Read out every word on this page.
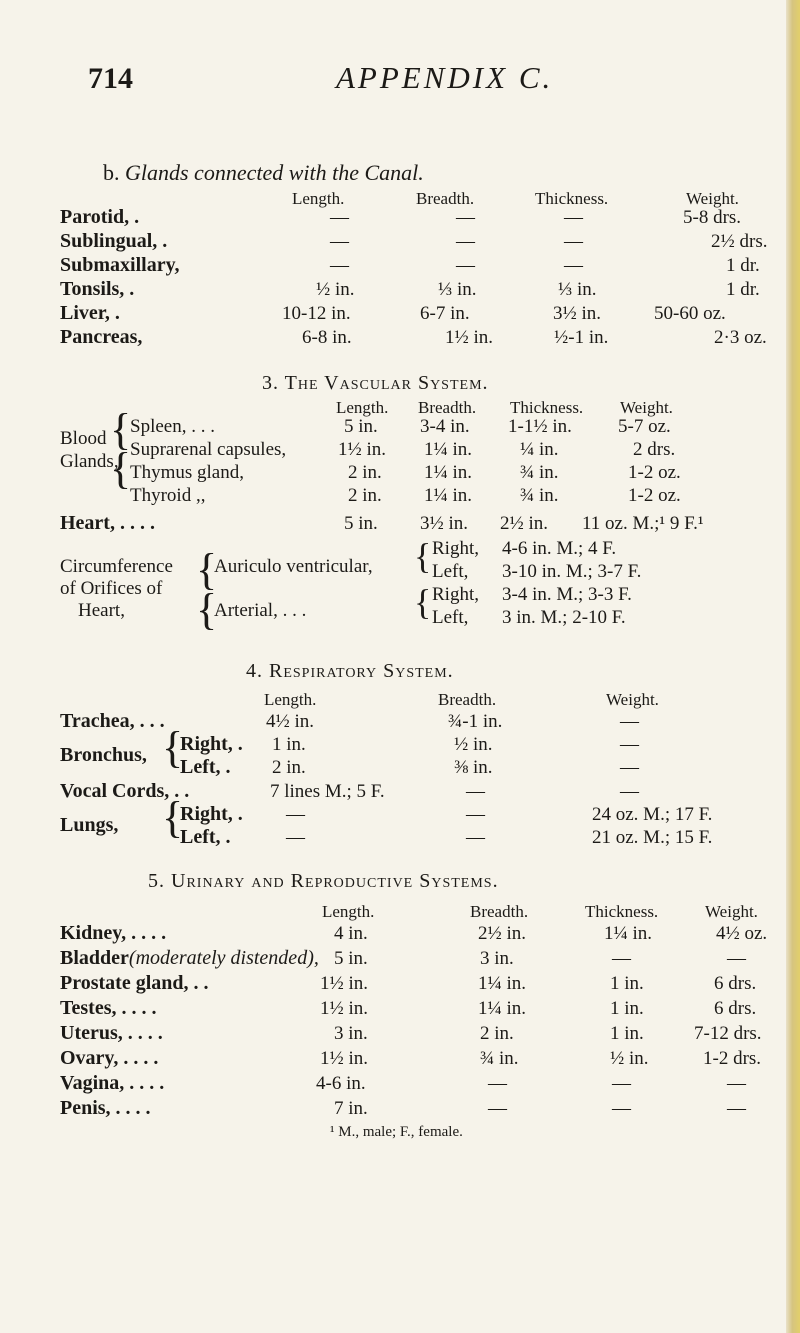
714	APPENDIX C.
b. Glands connected with the Canal.
Length.	Breadth.	Thickness.	Weight.
Parotid, .	—	—	—	5-8 drs.
Sublingual, .	—	—	—	2½ drs.
Submaxillary,	—	—	—	1 dr.
Tonsils, .	½ in.	⅓ in.	⅓ in.	1 dr.
Liver, .	10-12 in.	6-7 in.	3½ in.	50-60 oz.
Pancreas,	6-8 in.	1½ in.	½-1 in.	2·3 oz.
3. The Vascular System.
Length. Breadth. Thickness. Weight.
Blood
Glands,
{
{
Spleen, . . .	5 in. 3-4 in. 1-1½ in. 5-7 oz.
Suprarenal capsules,	1½ in. 1¼ in.	¼ in.	2 drs.
Thymus gland,	2 in. 1¼ in.	¾ in.	1-2 oz.
Thyroid ,,	2 in. 1¼ in.	¾ in.	1-2 oz.
Heart, . . . .	5 in. 3½ in. 2½ in. 11 oz. M.;¹ 9 F.¹
Circumference
of Orifices of
Heart,
{
{
Auriculo ventricular,
Arterial, . . .
{
{
Right, 4-6 in. M.; 4 F.
Left, 3-10 in. M.; 3-7 F.
Right, 3-4 in. M.; 3-3 F.
Left, 3 in. M.; 2-10 F.
4. Respiratory System.
Length.	Breadth.	Weight.
Trachea, . . .	4½ in.	¾-1 in.	—
Bronchus, {
Right, . 1 in.	½ in.	—
Left, . 2 in.	⅜ in.	—
Vocal Cords, . .	7 lines M.; 5 F.	—	—
Lungs, {
Right, . —	—	24 oz. M.; 17 F.
Left, .	—	—	21 oz. M.; 15 F.
5. Urinary and Reproductive Systems.
Length.	Breadth.	Thickness.	Weight.
Kidney, . . . .	4 in.	2½ in.	1¼ in.	4½ oz.
Bladder(moderately distended), 5 in.	3 in.	—	—
Prostate gland, . .	1½ in.	1¼ in.	1 in.	6 drs.
Testes, . . . .	1½ in.	1¼ in.	1 in.	6 drs.
Uterus, . . . .	3 in.	2 in.	1 in.	7-12 drs.
Ovary, . . . .	1½ in.	¾ in.	½ in.	1-2 drs.
Vagina, . . . .	4-6 in.	—	—	—
Penis, . . . .	7 in.	—	—	—
¹ M., male; F., female.
